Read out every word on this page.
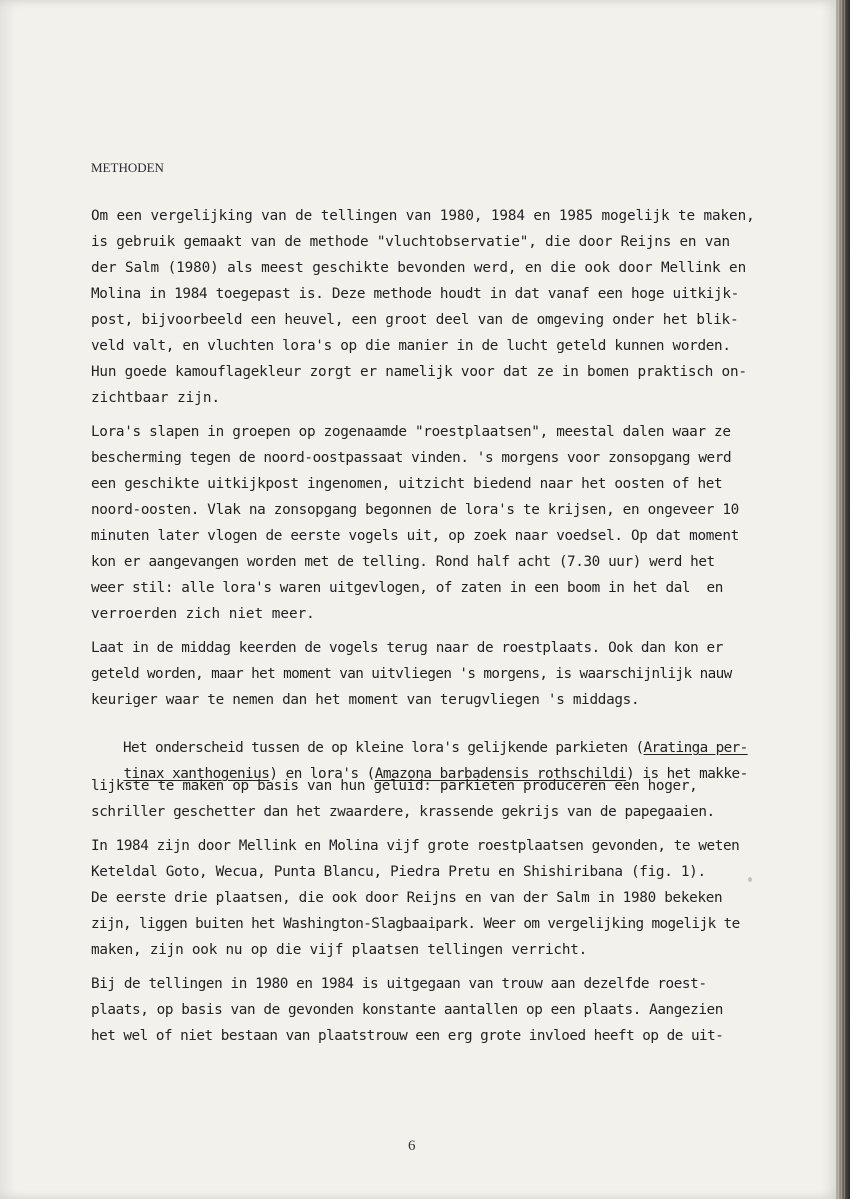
METHODEN
Om een vergelijking van de tellingen van 1980, 1984 en 1985 mogelijk te maken,
is gebruik gemaakt van de methode "vluchtobservatie", die door Reijns en van
der Salm (1980) als meest geschikte bevonden werd, en die ook door Mellink en
Molina in 1984 toegepast is. Deze methode houdt in dat vanaf een hoge uitkijk-
post, bijvoorbeeld een heuvel, een groot deel van de omgeving onder het blik-
veld valt, en vluchten lora's op die manier in de lucht geteld kunnen worden.
Hun goede kamouflagekleur zorgt er namelijk voor dat ze in bomen praktisch on-
zichtbaar zijn.
Lora's slapen in groepen op zogenaamde "roestplaatsen", meestal dalen waar ze
bescherming tegen de noord-oostpassaat vinden. 's morgens voor zonsopgang werd
een geschikte uitkijkpost ingenomen, uitzicht biedend naar het oosten of het
noord-oosten. Vlak na zonsopgang begonnen de lora's te krijsen, en ongeveer 10
minuten later vlogen de eerste vogels uit, op zoek naar voedsel. Op dat moment
kon er aangevangen worden met de telling. Rond half acht (7.30 uur) werd het
weer stil: alle lora's waren uitgevlogen, of zaten in een boom in het dal  en
verroerden zich niet meer.
Laat in de middag keerden de vogels terug naar de roestplaats. Ook dan kon er
geteld worden, maar het moment van uitvliegen 's morgens, is waarschijnlijk nauw
keuriger waar te nemen dan het moment van terugvliegen 's middags.

Het onderscheid tussen de op kleine lora's gelijkende parkieten (Aratinga per-

tinax xanthogenius) en lora's (Amazona barbadensis rothschildi) is het makke-

lijkste te maken op basis van hun geluid: parkieten produceren een hoger,
schriller geschetter dan het zwaardere, krassende gekrijs van de papegaaien.
In 1984 zijn door Mellink en Molina vijf grote roestplaatsen gevonden, te weten
Keteldal Goto, Wecua, Punta Blancu, Piedra Pretu en Shishiribana (fig. 1).
De eerste drie plaatsen, die ook door Reijns en van der Salm in 1980 bekeken
zijn, liggen buiten het Washington-Slagbaaipark. Weer om vergelijking mogelijk te
maken, zijn ook nu op die vijf plaatsen tellingen verricht.
Bij de tellingen in 1980 en 1984 is uitgegaan van trouw aan dezelfde roest-
plaats, op basis van de gevonden konstante aantallen op een plaats. Aangezien
het wel of niet bestaan van plaatstrouw een erg grote invloed heeft op de uit-
6
